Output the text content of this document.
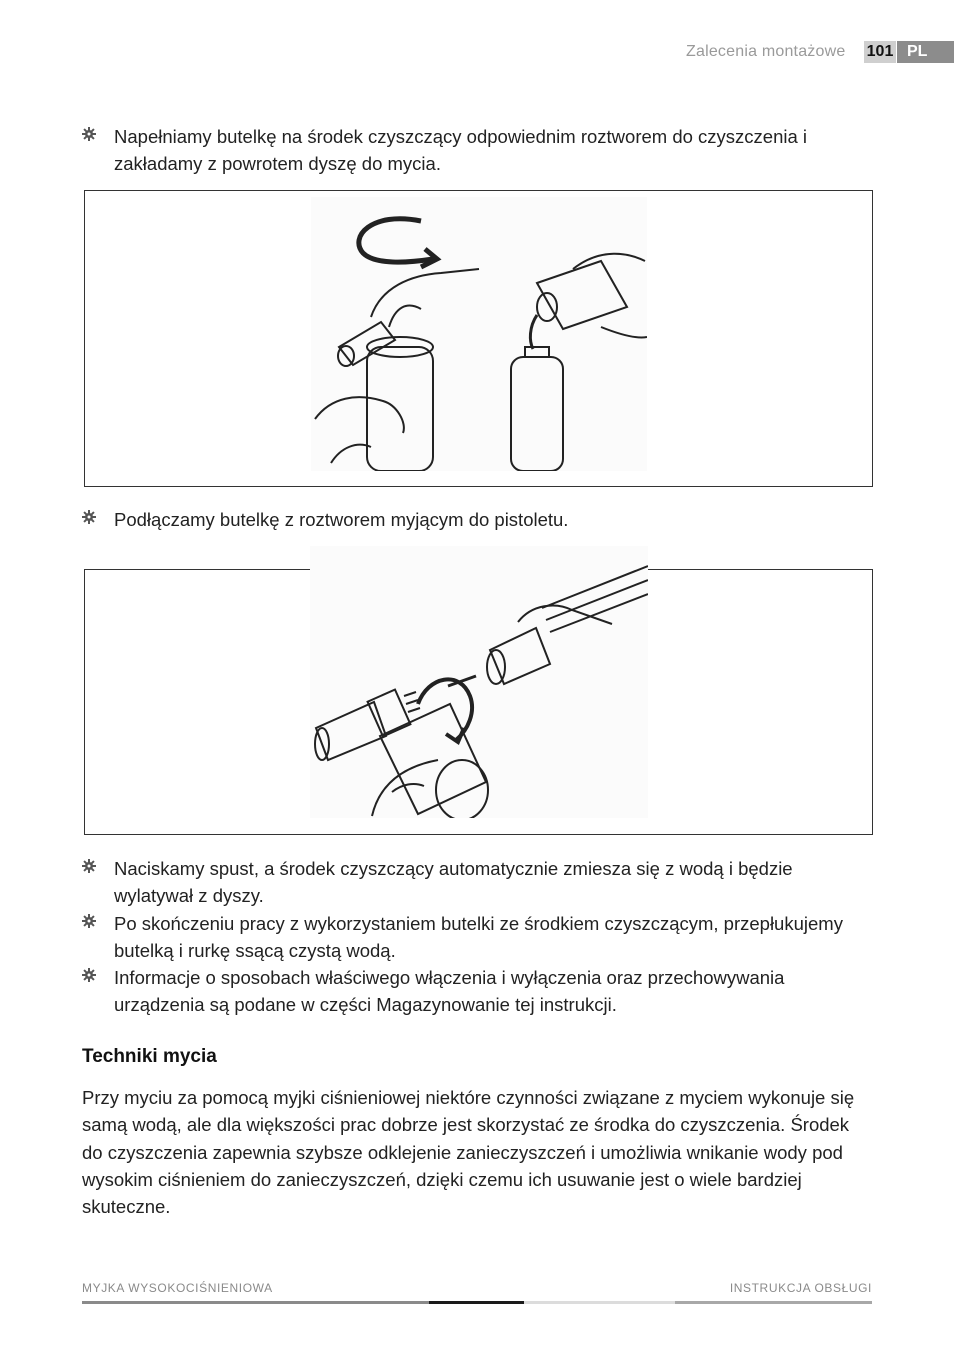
Zalecenia montażowe 101 PL
Napełniamy butelkę na środek czyszczący odpowiednim roztworem do czyszczenia i zakładamy z powrotem dyszę do mycia.
Podłączamy butelkę z roztworem myjącym do pistoletu.
Naciskamy spust, a środek czyszczący automatycznie zmiesza się z wodą i będzie wylatywał z dyszy.
Po skończeniu pracy z wykorzystaniem butelki ze środkiem czyszczącym, przepłukujemy butelką i rurkę ssącą czystą wodą.
Informacje o sposobach właściwego włączenia i wyłączenia oraz przechowywania urządzenia są podane w części Magazynowanie tej instrukcji.
Techniki mycia
Przy myciu za pomocą myjki ciśnieniowej niektóre czynności związane z myciem wykonuje się samą wodą, ale dla większości prac dobrze jest skorzystać ze środka do czyszczenia. Środek do czyszczenia zapewnia szybsze odklejenie zanieczyszczeń i umożliwia wnikanie wody pod wysokim ciśnieniem do zanieczyszczeń, dzięki czemu ich usuwanie jest o wiele bardziej skuteczne.
MYJKA WYSOKOCIŚNIENIOWA	INSTRUKCJA OBSŁUGI
